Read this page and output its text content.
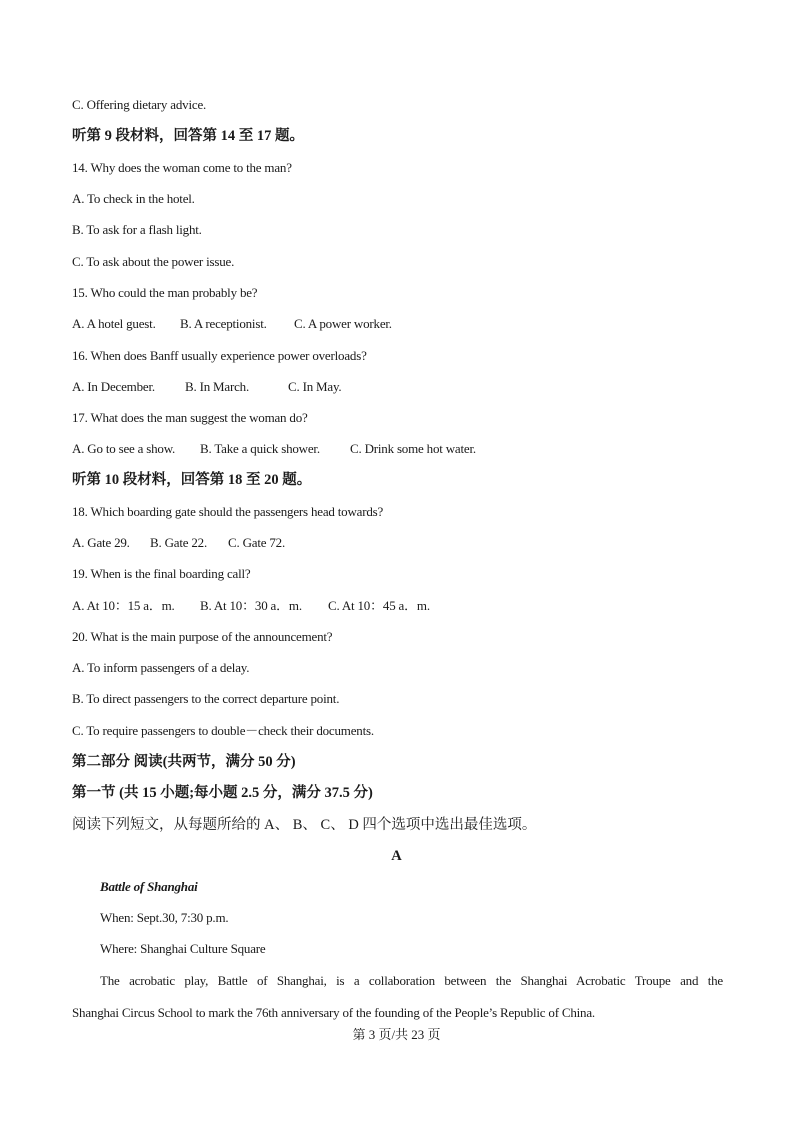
C. Offering dietary advice.

听第 9 段材料，回答第 14 至 17 题。

14. Why does the woman come to the man?

A. To check in the hotel.

B. To ask for a flash light.

C. To ask about the power issue.

15. Who could the man probably be?

A. A hotel guest. B. A receptionist. C. A power worker.

16. When does Banff usually experience power overloads?

A. In December. B. In March.	C. In May.

17. What does the man suggest the woman do?

A. Go to see a show. B. Take a quick shower. C. Drink some hot water.

听第 10 段材料，回答第 18 至 20 题。

18. Which boarding gate should the passengers head towards?

A. Gate 29. B. Gate 22. C. Gate 72.

19. When is the final boarding call?

A. At 10：15 a．m. B. At 10：30 a．m. C. At 10：45 a．m.

20. What is the main purpose of the announcement?

A. To inform passengers of a delay.

B. To direct passengers to the correct departure point.

C. To require passengers to double－check their documents.

第二部分 阅读(共两节，满分 50 分)

第一节 (共 15 小题;每小题 2.5 分，满分 37.5 分)

阅读下列短文，从每题所给的 A、 B、 C、 D 四个选项中选出最佳选项。

A

Battle of Shanghai

When: Sept.30, 7:30 p.m.

Where: Shanghai Culture Square

The acrobatic play, Battle of Shanghai, is a collaboration between the Shanghai Acrobatic Troupe and the
Shanghai Circus School to mark the 76th anniversary of the founding of the People’s Republic of China.
第 3 页/共 23 页
